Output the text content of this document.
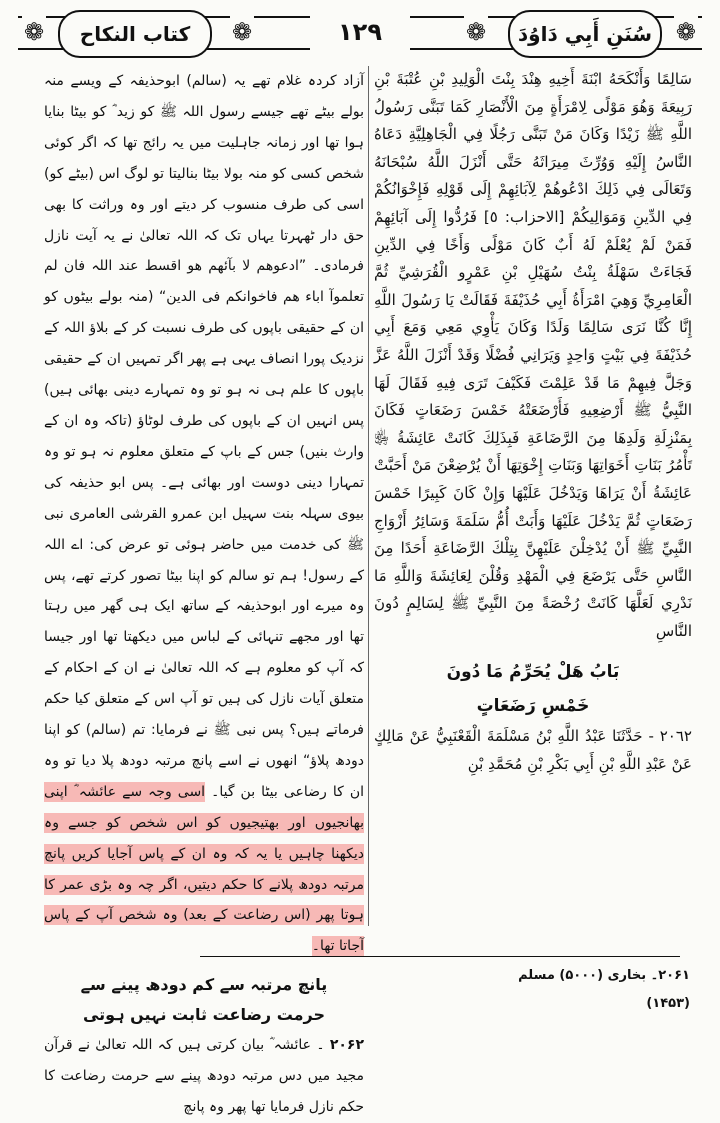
❁	کتاب النکاح	❁	۱۲۹	❁	سُنَنِ أَبِي دَاوُدَ ❁

سَالِمًا وَأَنْكَحَهُ ابْنَةَ أَخِيهِ هِنْدَ بِنْتَ الْوَلِيدِ بْنِ عُتْبَةَ بْنِ رَبِيعَةَ وَهُوَ مَوْلًى لِامْرَأَةٍ مِنَ الْأَنْصَارِ كَمَا تَبَنَّى رَسُولُ اللَّهِ ﷺ زَيْدًا وَكَانَ مَنْ تَبَنَّى رَجُلًا فِي الْجَاهِلِيَّةِ دَعَاهُ النَّاسُ إِلَيْهِ وَوُرِّثَ مِيرَاثَهُ حَتَّى أَنْزَلَ اللَّهُ سُبْحَانَهُ وَتَعَالَى فِي ذَلِكَ ادْعُوهُمْ لِآبَائِهِمْ إِلَى قَوْلِهِ فَإِخْوَانُكُمْ فِي الدِّينِ وَمَوَالِيكُمْ [الاحزاب: ٥] فَرُدُّوا إِلَى آبَائِهِمْ فَمَنْ لَمْ يُعْلَمْ لَهُ أَبٌ كَانَ مَوْلًى وَأَخًا فِي الدِّينِ فَجَاءَتْ سَهْلَةُ بِنْتُ سُهَيْلِ بْنِ عَمْرٍو الْقُرَشِيِّ ثُمَّ الْعَامِرِيِّ وَهِيَ امْرَأَةُ أَبِي حُذَيْفَةَ فَقَالَتْ يَا رَسُولَ اللَّهِ إِنَّا كُنَّا نَرَى سَالِمًا وَلَدًا وَكَانَ يَأْوِي مَعِي وَمَعَ أَبِي حُذَيْفَةَ فِي بَيْتٍ وَاحِدٍ وَيَرَانِي فُضْلًا وَقَدْ أَنْزَلَ اللَّهُ عَزَّ وَجَلَّ فِيهِمْ مَا قَدْ عَلِمْتَ فَكَيْفَ تَرَى فِيهِ فَقَالَ لَهَا النَّبِيُّ ﷺ أَرْضِعِيهِ فَأَرْضَعَتْهُ خَمْسَ رَضَعَاتٍ فَكَانَ بِمَنْزِلَةِ وَلَدِهَا مِنَ الرَّضَاعَةِ فَبِذَلِكَ كَانَتْ عَائِشَةُ ﵂ تَأْمُرُ بَنَاتِ أَخَوَاتِهَا وَبَنَاتِ إِخْوَتِهَا أَنْ يُرْضِعْنَ مَنْ أَحَبَّتْ عَائِشَةُ أَنْ يَرَاهَا وَيَدْخُلَ عَلَيْهَا وَإِنْ كَانَ كَبِيرًا خَمْسَ رَضَعَاتٍ ثُمَّ يَدْخُلَ عَلَيْهَا وَأَبَتْ أُمُّ سَلَمَةَ وَسَائِرُ أَزْوَاجِ النَّبِيِّ ﷺ أَنْ يُدْخِلْنَ عَلَيْهِنَّ بِتِلْكَ الرَّضَاعَةِ أَحَدًا مِنَ النَّاسِ حَتَّى يَرْضَعَ فِي الْمَهْدِ وَقُلْنَ لِعَائِشَةَ وَاللَّهِ مَا نَدْرِي لَعَلَّهَا كَانَتْ رُخْصَةً مِنَ النَّبِيِّ ﷺ لِسَالِمٍ دُونَ النَّاسِ

بَابُ هَلْ يُحَرِّمُ مَا دُونَ
خَمْسِ رَضَعَاتٍ

٢٠٦٢ - حَدَّثَنَا عَبْدُ اللَّهِ بْنُ مَسْلَمَةَ الْقَعْنَبِيُّ عَنْ مَالِكٍ عَنْ عَبْدِ اللَّهِ بْنِ أَبِي بَكْرِ بْنِ مُحَمَّدِ بْنِ

آزاد کردہ غلام تھے یہ (سالم) ابوحذیفہ کے ویسے منہ بولے بیٹے تھے جیسے رسول اللہ ﷺ کو زید ؓ کو بیٹا بنایا ہوا تھا اور زمانہ جاہلیت میں یہ رائج تھا کہ اگر کوئی شخص کسی کو منہ بولا بیٹا بنالیتا تو لوگ اس (بیٹے کو) اسی کی طرف منسوب کر دیتے اور وہ وراثت کا بھی حق دار ٹھہرتا یہاں تک کہ اللہ تعالیٰ نے یہ آیت نازل فرمادی۔ ”ادعوھم لا بآئھم ھو اقسط عند اللہ فان لم تعلموآ اباء ھم فاخوانکم فی الدین“ (منہ بولے بیٹوں کو ان کے حقیقی باپوں کی طرف نسبت کر کے بلاؤ اللہ کے نزدیک پورا انصاف یہی ہے پھر اگر تمہیں ان کے حقیقی باپوں کا علم ہی نہ ہو تو وہ تمہارے دینی بھائی ہیں) پس انہیں ان کے باپوں کی طرف لوٹاؤ (تاکہ وہ ان کے وارث بنیں) جس کے باپ کے متعلق معلوم نہ ہو تو وہ تمہارا دینی دوست اور بھائی ہے۔ پس ابو حذیفہ کی بیوی سہلہ بنت سہیل ابن عمرو القرشی العامری نبی ﷺ کی خدمت میں حاضر ہوئی تو عرض کی: اے اللہ کے رسول! ہم تو سالم کو اپنا بیٹا تصور کرتے تھے، پس وہ میرے اور ابوحذیفہ کے ساتھ ایک ہی گھر میں رہتا تھا اور مجھے تنہائی کے لباس میں دیکھتا تھا اور جیسا کہ آپ کو معلوم ہے کہ اللہ تعالیٰ نے ان کے احکام کے متعلق آیات نازل کی ہیں تو آپ اس کے متعلق کیا حکم فرماتے ہیں؟ پس نبی ﷺ نے فرمایا: تم (سالم) کو اپنا دودھ پلاؤ“ انھوں نے اسے پانچ مرتبہ دودھ پلا دیا تو وہ ان کا رضاعی بیٹا بن گیا۔ اسی وجہ سے عائشہ ؓ اپنی بھانجیوں اور بھتیجیوں کو اس شخص کو جسے وہ دیکھنا چاہیں یا یہ کہ وہ ان کے پاس آجایا کریں پانچ مرتبہ دودھ پلانے کا حکم دیتیں، اگر چہ وہ بڑی عمر کا ہوتا پھر (اس رضاعت کے بعد) وہ شخص آپ کے پاس آجاتا تھا۔

پانچ مرتبہ سے کم دودھ پینے سے
حرمت رضاعت ثابت نہیں ہوتی

۲۰۶۲ ۔ عائشہ ؓ بیان کرتی ہیں کہ اللہ تعالیٰ نے قرآن مجید میں دس مرتبہ دودھ پینے سے حرمت رضاعت کا حکم نازل فرمایا تھا پھر وہ پانچ

۲۰۶۱۔ بخاری (۵۰۰۰) مسلم (۱۴۵۳)
